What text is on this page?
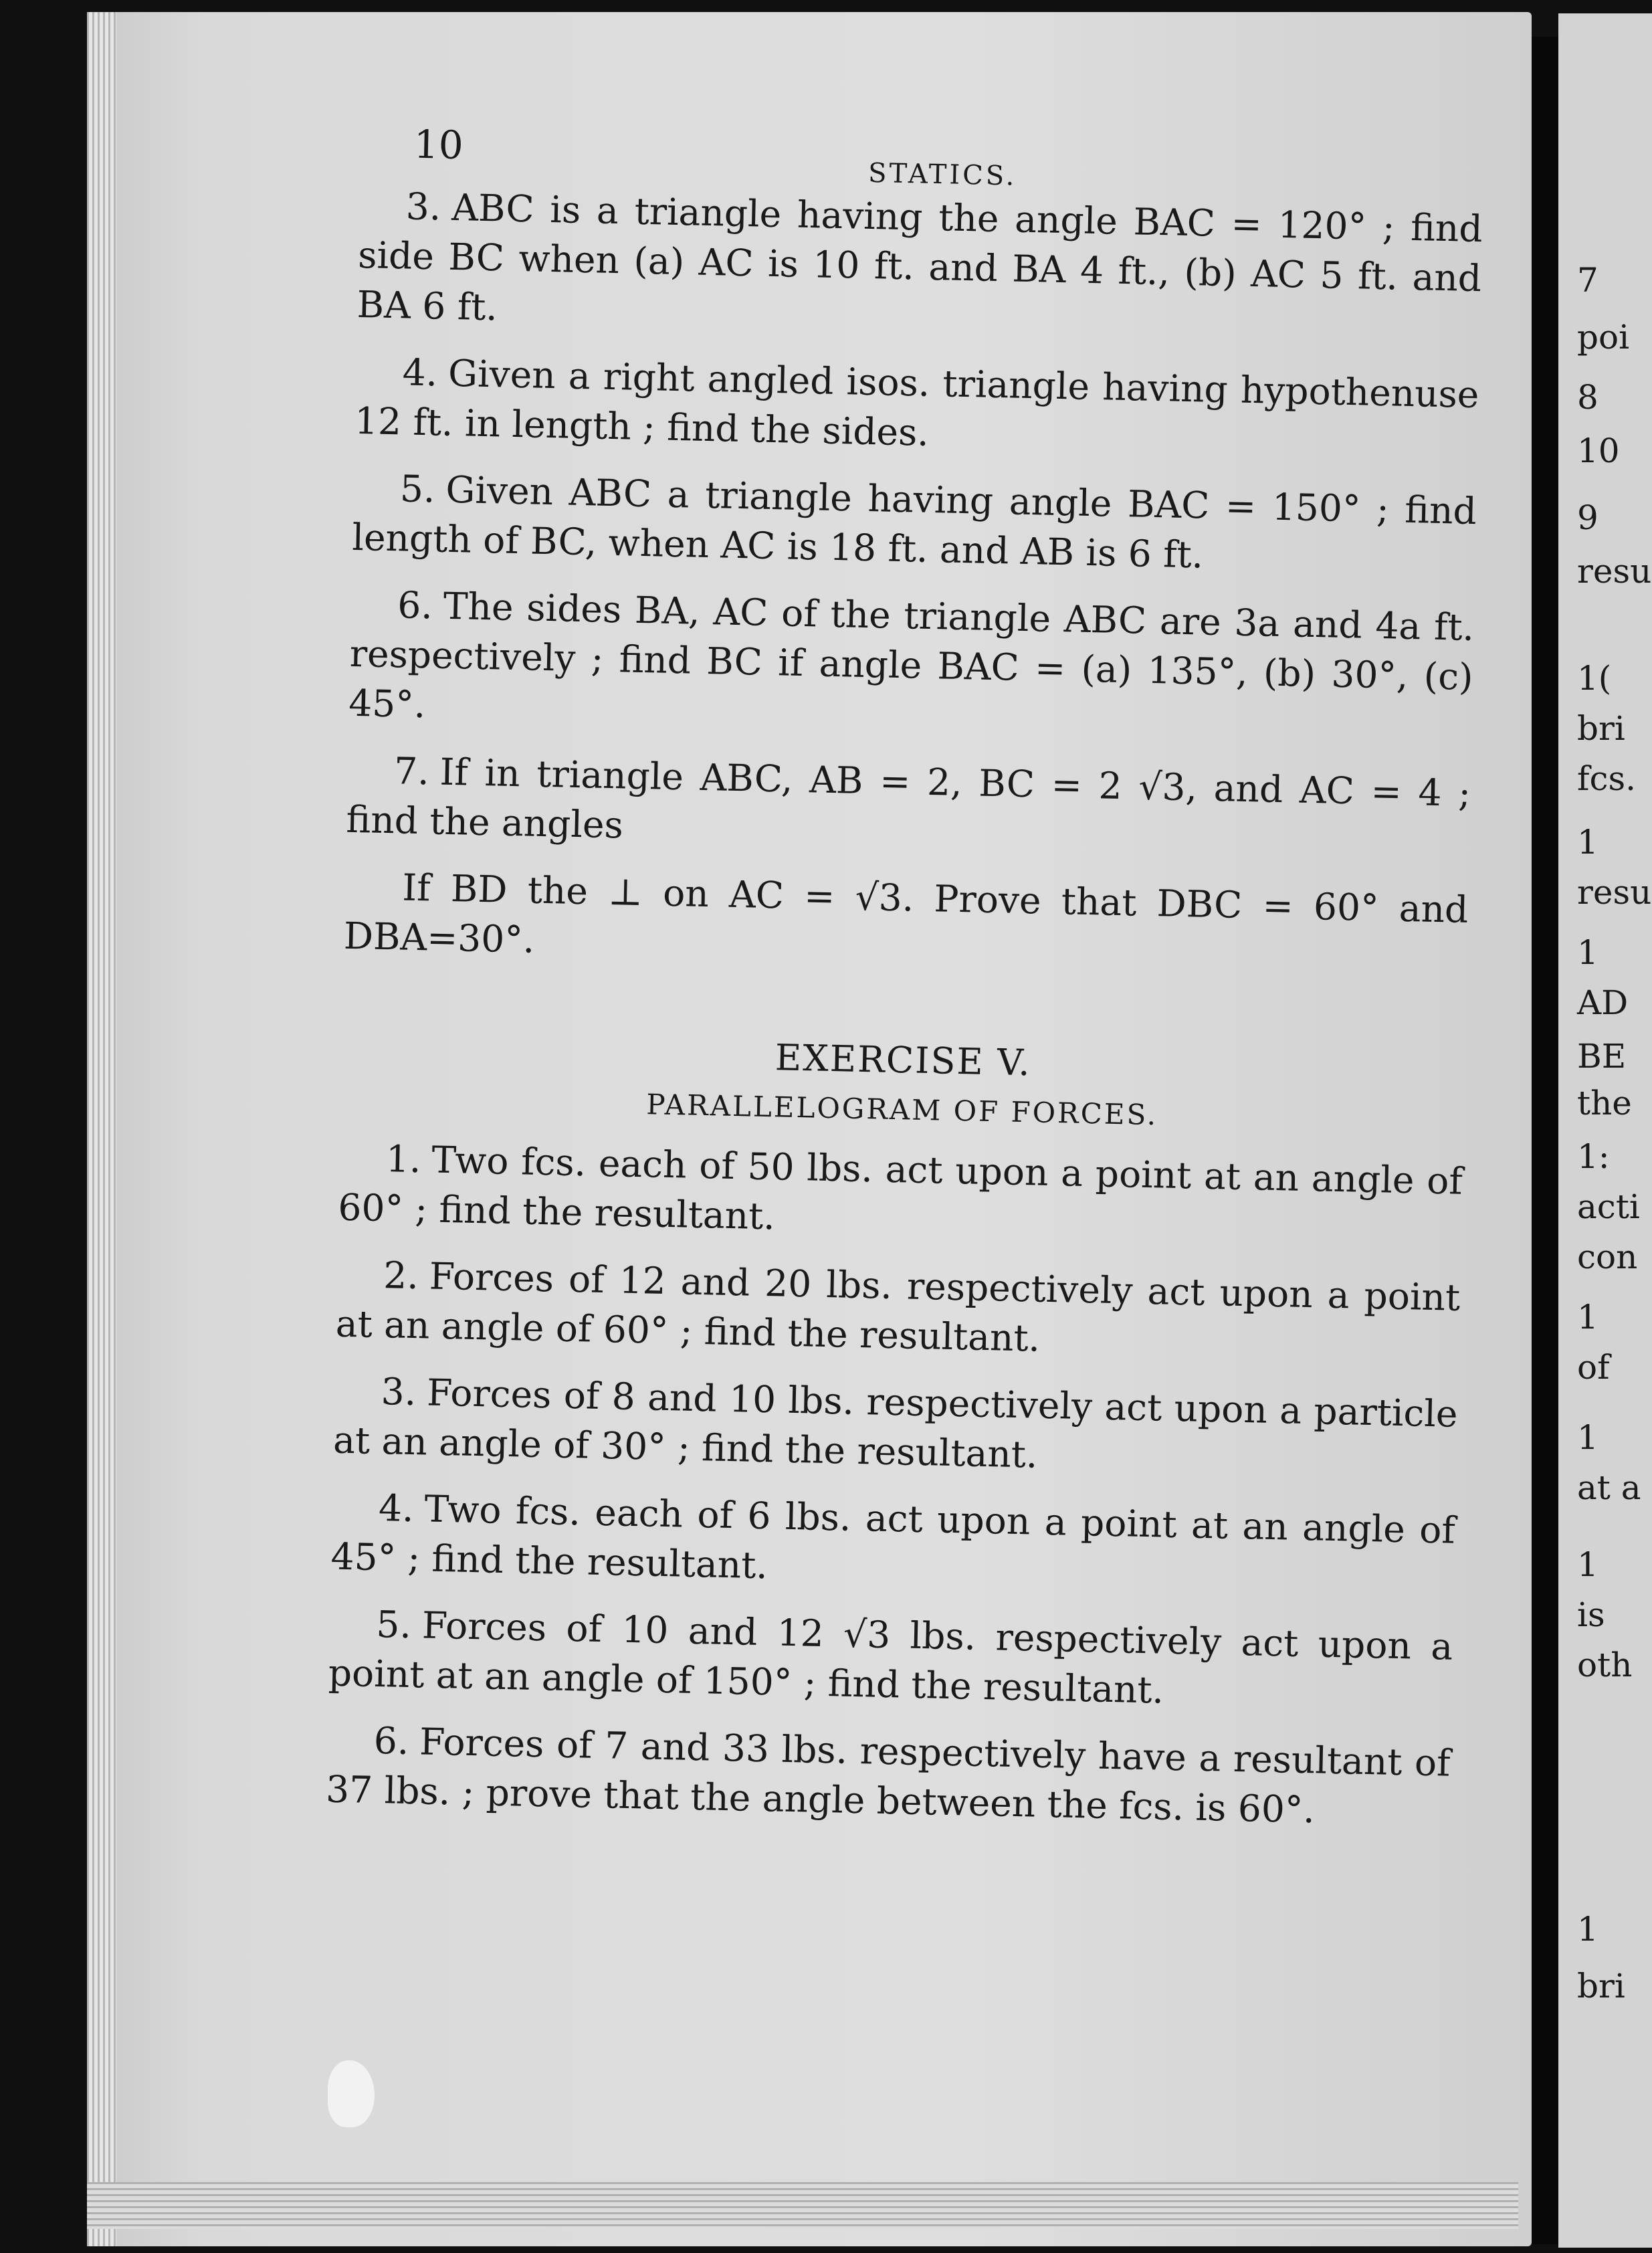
7
poi
8
10
9
resu
1(
bri
fcs.
1
resu
1
AD
BE
the
1:
acti
con
1
of
1
at a
1
is
oth
1
bri
10
STATICS.

3. ABC is a triangle having the angle BAC = 120° ; find side BC when (a) AC is 10 ft. and BA 4 ft., (b) AC 5 ft. and BA 6 ft.

4. Given a right angled isos. triangle having hypothenuse 12 ft. in length ; find the sides.

5. Given ABC a triangle having angle BAC = 150° ; find length of BC, when AC is 18 ft. and AB is 6 ft.

6. The sides BA, AC of the triangle ABC are 3a and 4a ft. respectively ; find BC if angle BAC = (a) 135°, (b) 30°, (c) 45°.

7. If in triangle ABC, AB = 2, BC = 2 √3, and AC = 4 ; find the angles

If BD the ⊥ on AC = √3. Prove that DBC = 60° and DBA=30°.

EXERCISE V.
PARALLELOGRAM OF FORCES.

1. Two fcs. each of 50 lbs. act upon a point at an angle of 60° ; find the resultant.

2. Forces of 12 and 20 lbs. respectively act upon a point at an angle of 60° ; find the resultant.

3. Forces of 8 and 10 lbs. respectively act upon a particle at an angle of 30° ; find the resultant.

4. Two fcs. each of 6 lbs. act upon a point at an angle of 45° ; find the resultant.

5. Forces of 10 and 12 √3 lbs. respectively act upon a point at an angle of 150° ; find the resultant.

6. Forces of 7 and 33 lbs. respectively have a resultant of 37 lbs. ; prove that the angle between the fcs. is 60°.
